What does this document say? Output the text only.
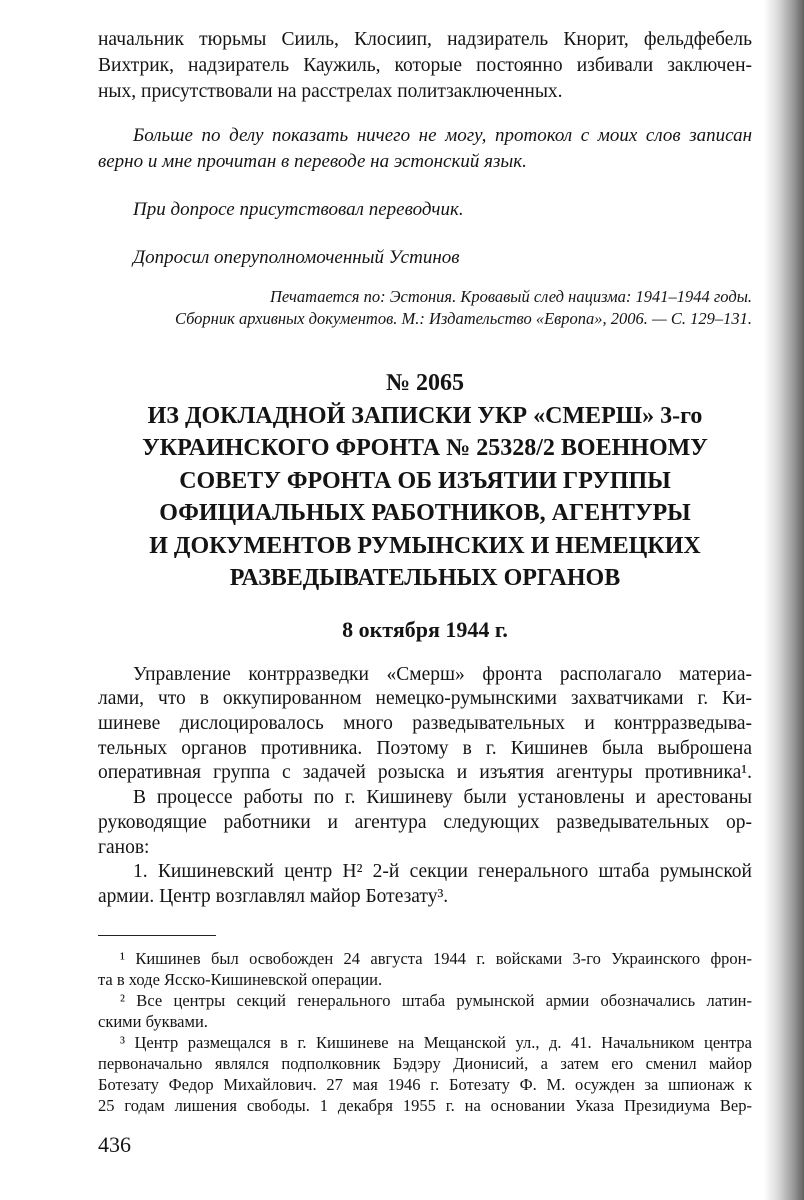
начальник тюрьмы Сииль, Клосиип, надзиратель Кнорит, фельдфебель
Вихтрик, надзиратель Каужиль, которые постоянно избивали заключен-
ных, присутствовали на расстрелах политзаключенных.
Больше по делу показать ничего не могу, протокол с моих слов записан
верно и мне прочитан в переводе на эстонский язык.
При допросе присутствовал переводчик.
Допросил оперуполномоченный Устинов
Печатается по: Эстония. Кровавый след нацизма: 1941–1944 годы.
Сборник архивных документов. М.: Издательство «Европа», 2006. — С. 129–131.
№ 2065
ИЗ ДОКЛАДНОЙ ЗАПИСКИ УКР «СМЕРШ» 3-го
УКРАИНСКОГО ФРОНТА № 25328/2 ВОЕННОМУ
СОВЕТУ ФРОНТА ОБ ИЗЪЯТИИ ГРУППЫ
ОФИЦИАЛЬНЫХ РАБОТНИКОВ, АГЕНТУРЫ
И ДОКУМЕНТОВ РУМЫНСКИХ И НЕМЕЦКИХ
РАЗВЕДЫВАТЕЛЬНЫХ ОРГАНОВ
8 октября 1944 г.
Управление контрразведки «Смерш» фронта располагало материа-
лами, что в оккупированном немецко-румынскими захватчиками г. Ки-
шиневе дислоцировалось много разведывательных и контрразведыва-
тельных органов противника. Поэтому в г. Кишинев была выброшена
оперативная группа с задачей розыска и изъятия агентуры противника¹.
В процессе работы по г. Кишиневу были установлены и арестованы
руководящие работники и агентура следующих разведывательных ор-
ганов:
1. Кишиневский центр Н² 2-й секции генерального штаба румынской
армии. Центр возглавлял майор Ботезату³.
¹ Кишинев был освобожден 24 августа 1944 г. войсками 3-го Украинского фрон-
та в ходе Ясско-Кишиневской операции.
² Все центры секций генерального штаба румынской армии обозначались латин-
скими буквами.
³ Центр размещался в г. Кишиневе на Мещанской ул., д. 41. Начальником центра
первоначально являлся подполковник Бэдэру Дионисий, а затем его сменил майор
Ботезату Федор Михайлович. 27 мая 1946 г. Ботезату Ф. М. осужден за шпионаж к
25 годам лишения свободы. 1 декабря 1955 г. на основании Указа Президиума Вер-
436
